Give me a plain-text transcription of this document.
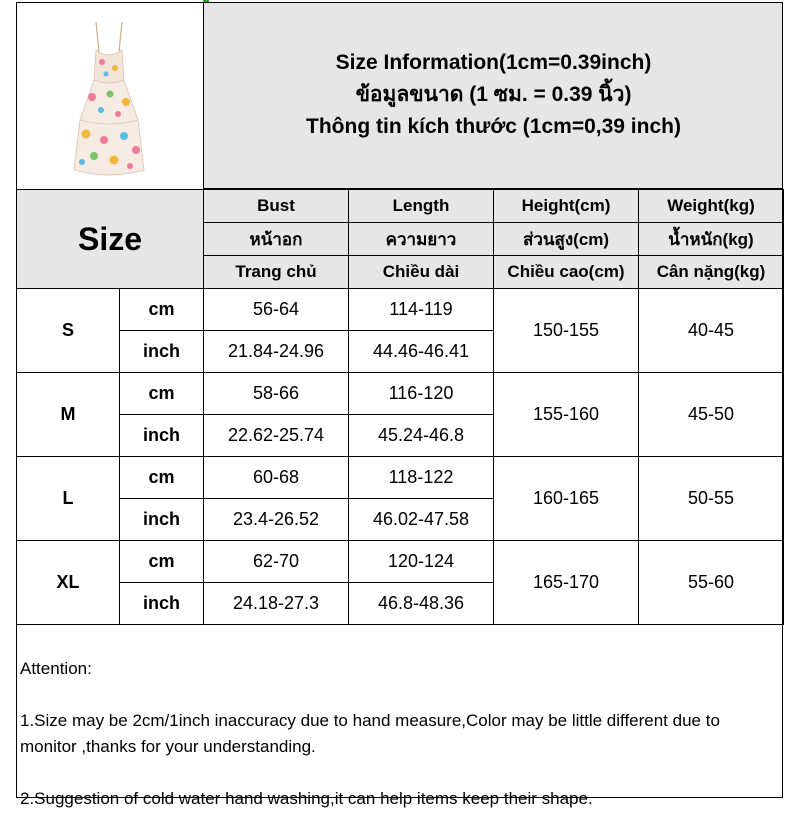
Size Information(1cm=0.39inch)
ข้อมูลขนาด (1 ซม. = 0.39 นิ้ว)
Thông tin kích thước (1cm=0,39 inch)
Size		Bust	Length	Height(cm)	Weight(kg)
		หน้าอก	ความยาว	ส่วนสูง(cm)	น้ำหนัก(kg)
		Trang chủ	Chiều dài	Chiều cao(cm)	Cân nặng(kg)
S	cm	56-64	114-119	150-155	40-45
	inch	21.84-24.96	44.46-46.41		
M	cm	58-66	116-120	155-160	45-50
	inch	22.62-25.74	45.24-46.8		
L	cm	60-68	118-122	160-165	50-55
	inch	23.4-26.52	46.02-47.58		
XL	cm	62-70	120-124	165-170	55-60
	inch	24.18-27.3	46.8-48.36		

Attention:

1.Size may be 2cm/1inch inaccuracy due to hand measure,Color may be little different due to monitor ,thanks for your understanding.

2.Suggestion of cold water hand washing,it can help items keep their shape.
